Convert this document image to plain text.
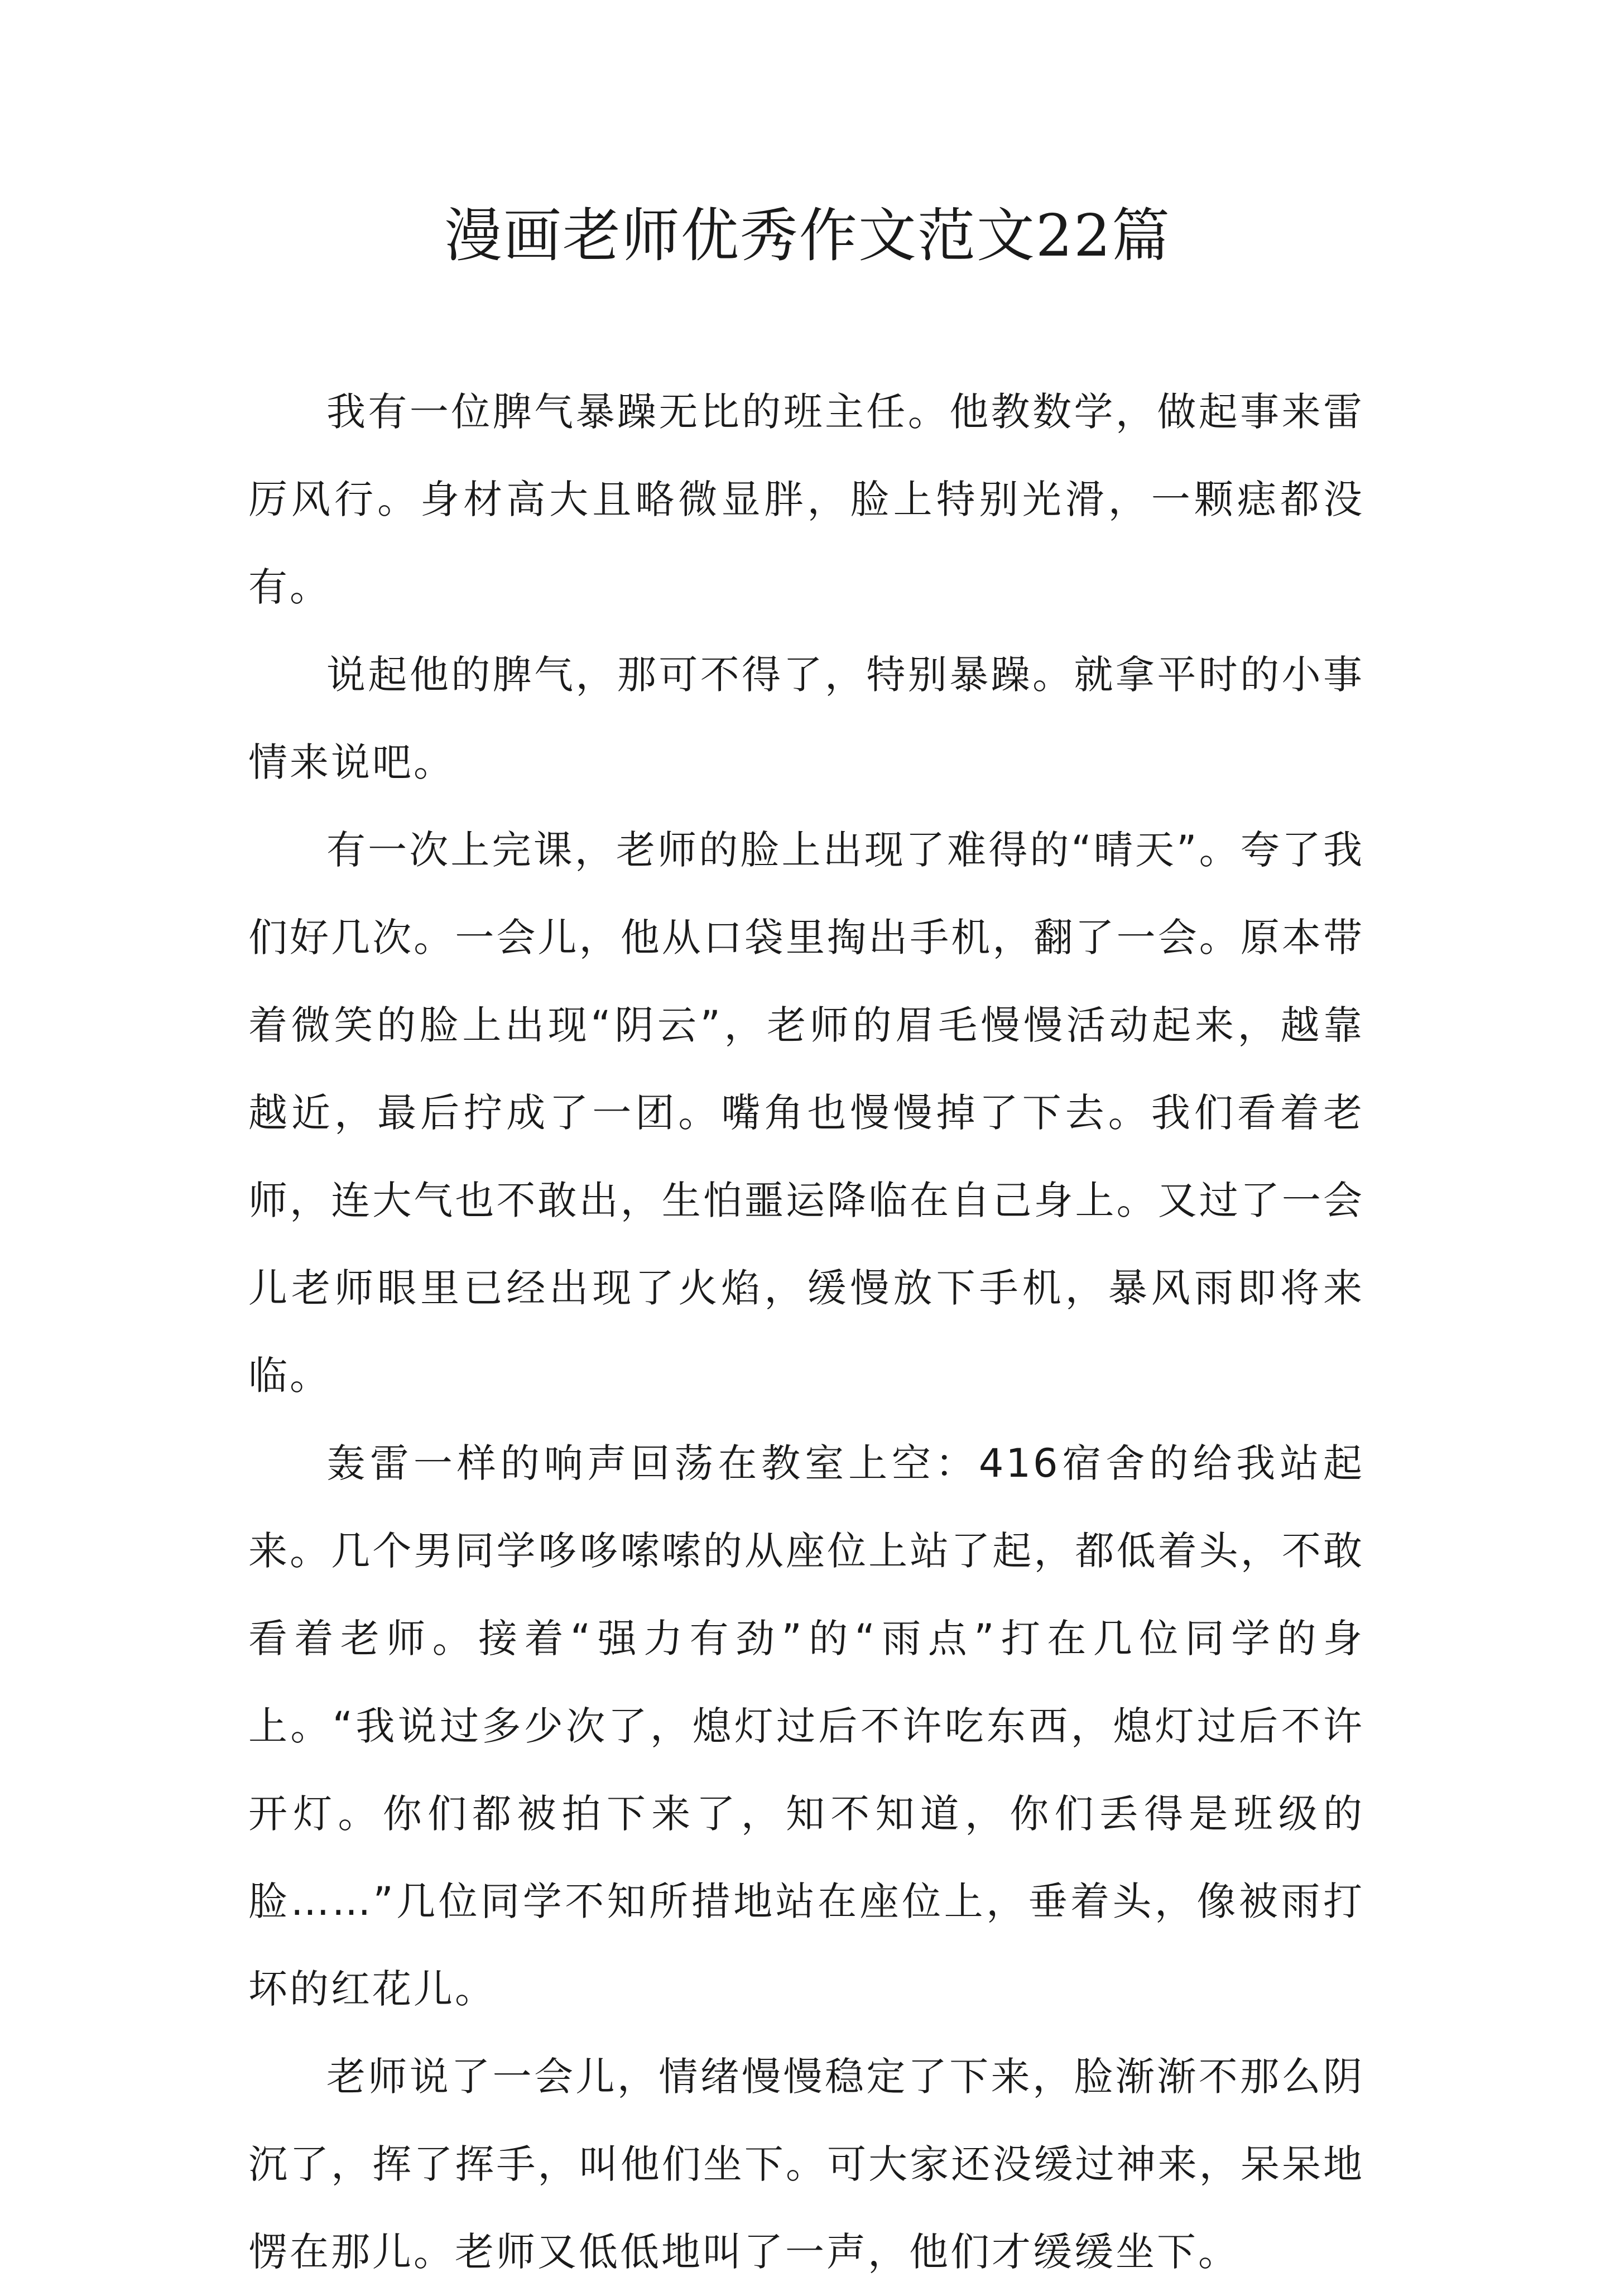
漫画老师优秀作文范文22篇

我有一位脾气暴躁无比的班主任。他教数学，做起事来雷厉风行。身材高大且略微显胖，脸上特别光滑，一颗痣都没有。

说起他的脾气，那可不得了，特别暴躁。就拿平时的小事情来说吧。

有一次上完课，老师的脸上出现了难得的“晴天”。夸了我们好几次。一会儿，他从口袋里掏出手机，翻了一会。原本带着微笑的脸上出现“阴云”，老师的眉毛慢慢活动起来，越靠越近，最后拧成了一团。嘴角也慢慢掉了下去。我们看着老师，连大气也不敢出，生怕噩运降临在自己身上。又过了一会儿老师眼里已经出现了火焰，缓慢放下手机，暴风雨即将来临。

轰雷一样的响声回荡在教室上空：416宿舍的给我站起来。几个男同学哆哆嗦嗦的从座位上站了起，都低着头，不敢看着老师。接着“强力有劲”的“雨点”打在几位同学的身上。“我说过多少次了，熄灯过后不许吃东西，熄灯过后不许开灯。你们都被拍下来了，知不知道，你们丢得是班级的脸……”几位同学不知所措地站在座位上，垂着头，像被雨打坏的红花儿。

老师说了一会儿，情绪慢慢稳定了下来，脸渐渐不那么阴沉了，挥了挥手，叫他们坐下。可大家还没缓过神来，呆呆地愣在那儿。老师又低低地叫了一声，他们才缓缓坐下。
